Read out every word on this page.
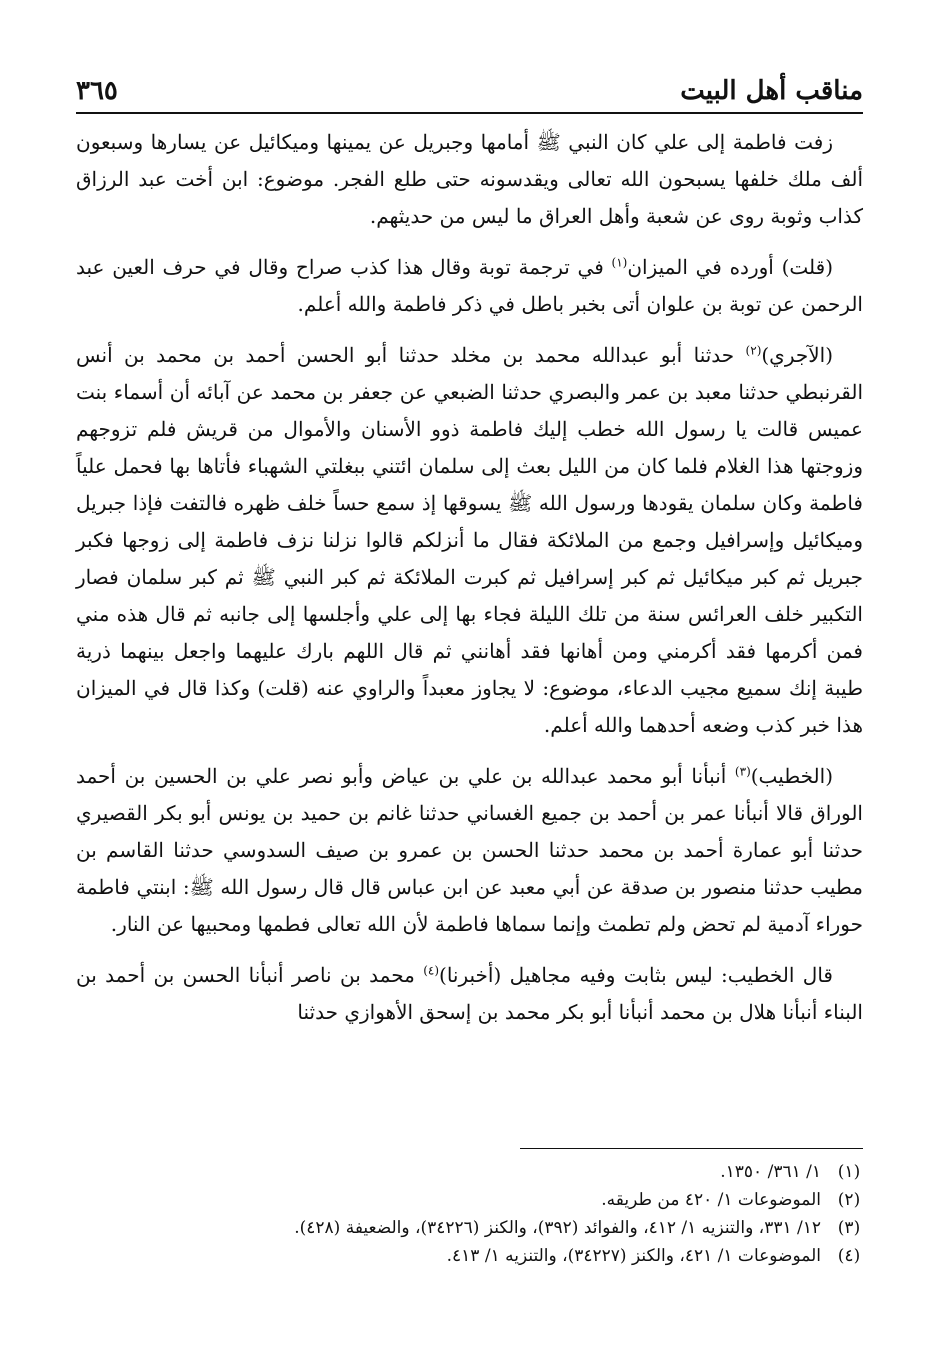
مناقب أهل البيت
٣٦٥

زفت فاطمة إلى علي كان النبي ﷺ أمامها وجبريل عن يمينها وميكائيل عن يسارها وسبعون ألف ملك خلفها يسبحون الله تعالى ويقدسونه حتى طلع الفجر. موضوع: ابن أخت عبد الرزاق كذاب وثوبة روى عن شعبة وأهل العراق ما ليس من حديثهم.

(قلت) أورده في الميزان$^{(١)}$ في ترجمة توبة وقال هذا كذب صراح وقال في حرف العين عبد الرحمن عن توبة بن علوان أتى بخبر باطل في ذكر فاطمة والله أعلم.

(الآجري)$^{(٢)}$ حدثنا أبو عبدالله محمد بن مخلد حدثنا أبو الحسن أحمد بن محمد بن أنس القرنبطي حدثنا معبد بن عمر والبصري حدثنا الضبعي عن جعفر بن محمد عن آبائه أن أسماء بنت عميس قالت يا رسول الله خطب إليك فاطمة ذوو الأسنان والأموال من قريش فلم تزوجهم وزوجتها هذا الغلام فلما كان من الليل بعث إلى سلمان ائتني ببغلتي الشهباء فأتاها بها فحمل علياً فاطمة وكان سلمان يقودها ورسول الله ﷺ يسوقها إذ سمع حساً خلف ظهره فالتفت فإذا جبريل وميكائيل وإسرافيل وجمع من الملائكة فقال ما أنزلكم قالوا نزلنا نزف فاطمة إلى زوجها فكبر جبريل ثم كبر ميكائيل ثم كبر إسرافيل ثم كبرت الملائكة ثم كبر النبي ﷺ ثم كبر سلمان فصار التكبير خلف العرائس سنة من تلك الليلة فجاء بها إلى علي وأجلسها إلى جانبه ثم قال هذه مني فمن أكرمها فقد أكرمني ومن أهانها فقد أهانني ثم قال اللهم بارك عليهما واجعل بينهما ذرية طيبة إنك سميع مجيب الدعاء، موضوع: لا يجاوز معبداً والراوي عنه (قلت) وكذا قال في الميزان هذا خبر كذب وضعه أحدهما والله أعلم.

(الخطيب)$^{(٣)}$ أنبأنا أبو محمد عبدالله بن علي بن عياض وأبو نصر علي بن الحسين بن أحمد الوراق قالا أنبأنا عمر بن أحمد بن جميع الغساني حدثنا غانم بن حميد بن يونس أبو بكر القصيري حدثنا أبو عمارة أحمد بن محمد حدثنا الحسن بن عمرو بن صيف السدوسي حدثنا القاسم بن مطيب حدثنا منصور بن صدقة عن أبي معبد عن ابن عباس قال قال رسول الله ﷺ: ابنتي فاطمة حوراء آدمية لم تحض ولم تطمث وإنما سماها فاطمة لأن الله تعالى فطمها ومحبيها عن النار.

قال الخطيب: ليس بثابت وفيه مجاهيل (أخبرنا)$^{(٤)}$ محمد بن ناصر أنبأنا الحسن بن أحمد بن البناء أنبأنا هلال بن محمد أنبأنا أبو بكر محمد بن إسحق الأهوازي حدثنا

(١)
١/ ٣٦١/ ١٣٥٠.
(٢)
الموضوعات ١/ ٤٢٠ من طريقه.
(٣)
١٢/ ٣٣١، والتنزيه ١/ ٤١٢، والفوائد (٣٩٢)، والكنز (٣٤٢٢٦)، والضعيفة (٤٢٨).
(٤)
الموضوعات ١/ ٤٢١، والكنز (٣٤٢٢٧)، والتنزيه ١/ ٤١٣.
